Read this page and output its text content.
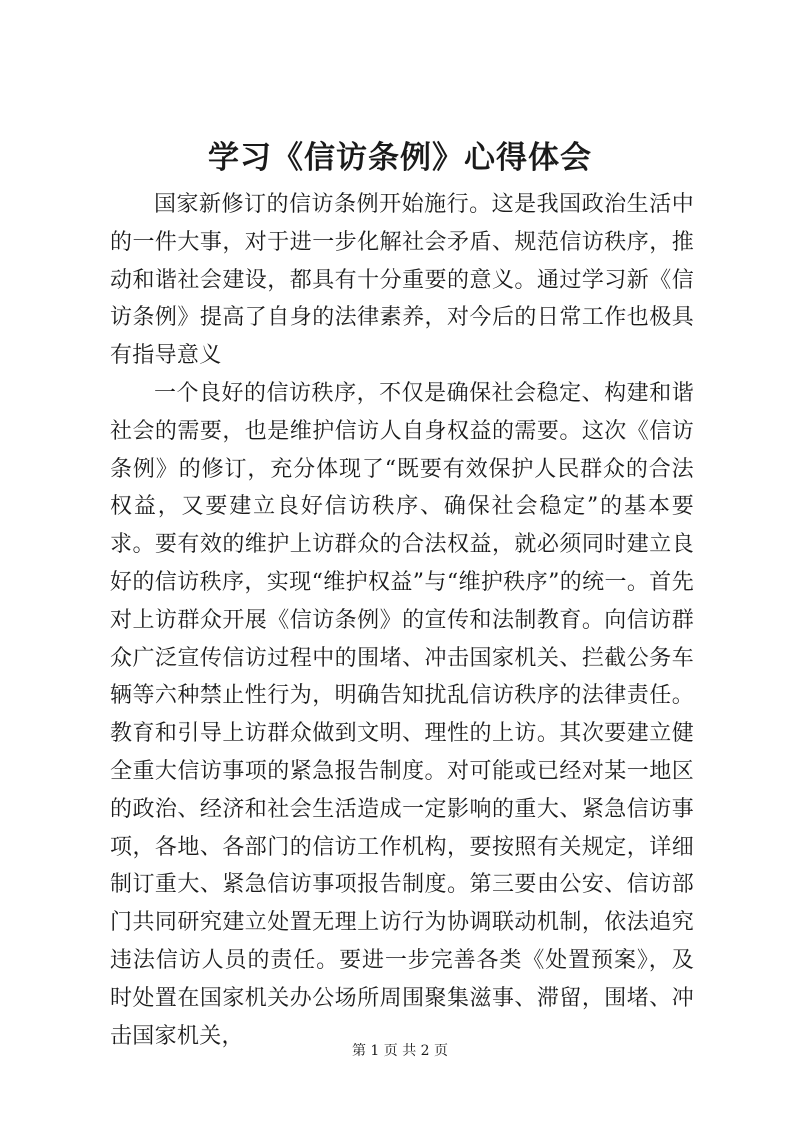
学习《信访条例》心得体会

国家新修订的信访条例开始施行。这是我国政治生活中的一件大事，对于进一步化解社会矛盾、规范信访秩序，推动和谐社会建设，都具有十分重要的意义。通过学习新《信访条例》提高了自身的法律素养，对今后的日常工作也极具有指导意义

一个良好的信访秩序，不仅是确保社会稳定、构建和谐社会的需要，也是维护信访人自身权益的需要。这次《信访条例》的修订，充分体现了“既要有效保护人民群众的合法权益，又要建立良好信访秩序、确保社会稳定”的基本要求。要有效的维护上访群众的合法权益，就必须同时建立良好的信访秩序，实现“维护权益”与“维护秩序”的统一。首先对上访群众开展《信访条例》的宣传和法制教育。向信访群众广泛宣传信访过程中的围堵、冲击国家机关、拦截公务车辆等六种禁止性行为，明确告知扰乱信访秩序的法律责任。教育和引导上访群众做到文明、理性的上访。其次要建立健全重大信访事项的紧急报告制度。对可能或已经对某一地区的政治、经济和社会生活造成一定影响的重大、紧急信访事项，各地、各部门的信访工作机构，要按照有关规定，详细制订重大、紧急信访事项报告制度。第三要由公安、信访部门共同研究建立处置无理上访行为协调联动机制，依法追究违法信访人员的责任。要进一步完善各类《处置预案》，及时处置在国家机关办公场所周围聚集滋事、滞留，围堵、冲击国家机关，

第 1 页 共 2 页
